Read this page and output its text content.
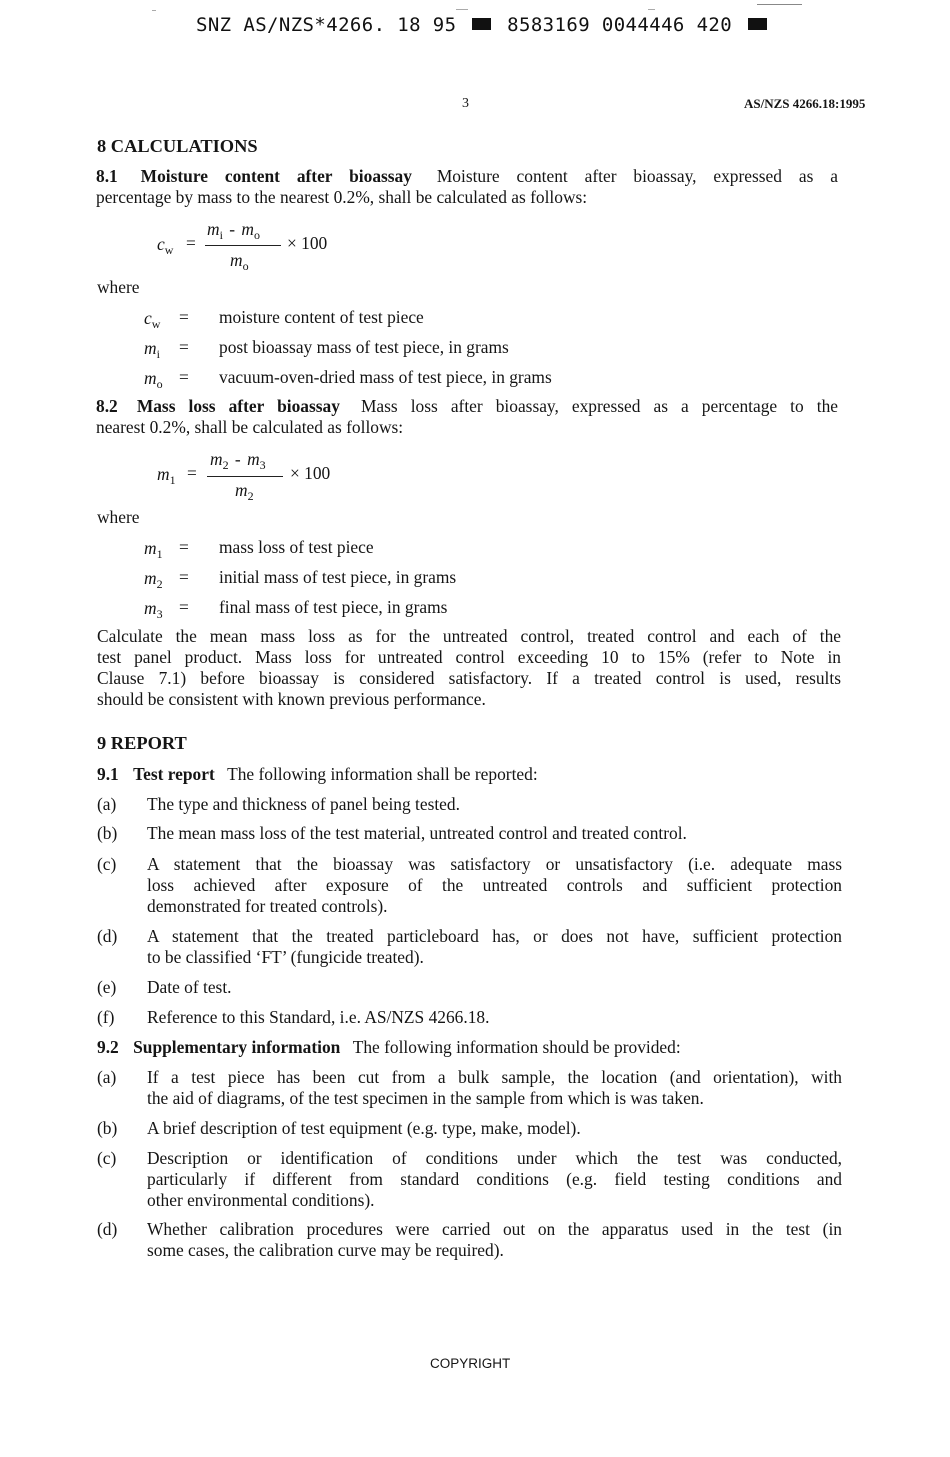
SNZ AS/NZS*4266. 18 95	8583169 0044446 420
3	AS/NZS 4266.18:1995
8 CALCULATIONS
8.1 Moisture content after bioassay Moisture content after bioassay, expressed as a
percentage by mass to the nearest 0.2%, shall be calculated as follows:
$c_w$ =
$m_i - m_o$
$m_o$
× 100
where
$c_w$	=	moisture content of test piece
$m_i$	=	post bioassay mass of test piece, in grams
$m_o$ =	vacuum-oven-dried mass of test piece, in grams
8.2 Mass loss after bioassay Mass loss after bioassay, expressed as a percentage to the
nearest 0.2%, shall be calculated as follows:
$m_1$ =
$m_2 - m_3$
$m_2$
× 100
where
$m_1$ =	mass loss of test piece
$m_2$ =	initial mass of test piece, in grams
$m_3$ =	final mass of test piece, in grams
Calculate the mean mass loss as for the untreated control, treated control and each of the
test panel product. Mass loss for untreated control exceeding 10 to 15% (refer to Note in
Clause 7.1) before bioassay is considered satisfactory. If a treated control is used, results
should be consistent with known previous performance.
9 REPORT
9.1 Test report The following information shall be reported:
(a)	The type and thickness of panel being tested.
(b)	The mean mass loss of the test material, untreated control and treated control.
(c)	A statement that the bioassay was satisfactory or unsatisfactory (i.e. adequate mass
loss achieved after exposure of the untreated controls and sufficient protection
demonstrated for treated controls).
(d)	A statement that the treated particleboard has, or does not have, sufficient protection
to be classified ‘FT’ (fungicide treated).
(e)	Date of test.
(f)	Reference to this Standard, i.e. AS/NZS 4266.18.
9.2 Supplementary information The following information should be provided:
(a)	If a test piece has been cut from a bulk sample, the location (and orientation), with
the aid of diagrams, of the test specimen in the sample from which is was taken.
(b)	A brief description of test equipment (e.g. type, make, model).
(c)	Description or identification of conditions under which the test was conducted,
particularly if different from standard conditions (e.g. field testing conditions and
other environmental conditions).
(d)	Whether calibration procedures were carried out on the apparatus used in the test (in
some cases, the calibration curve may be required).
COPYRIGHT
